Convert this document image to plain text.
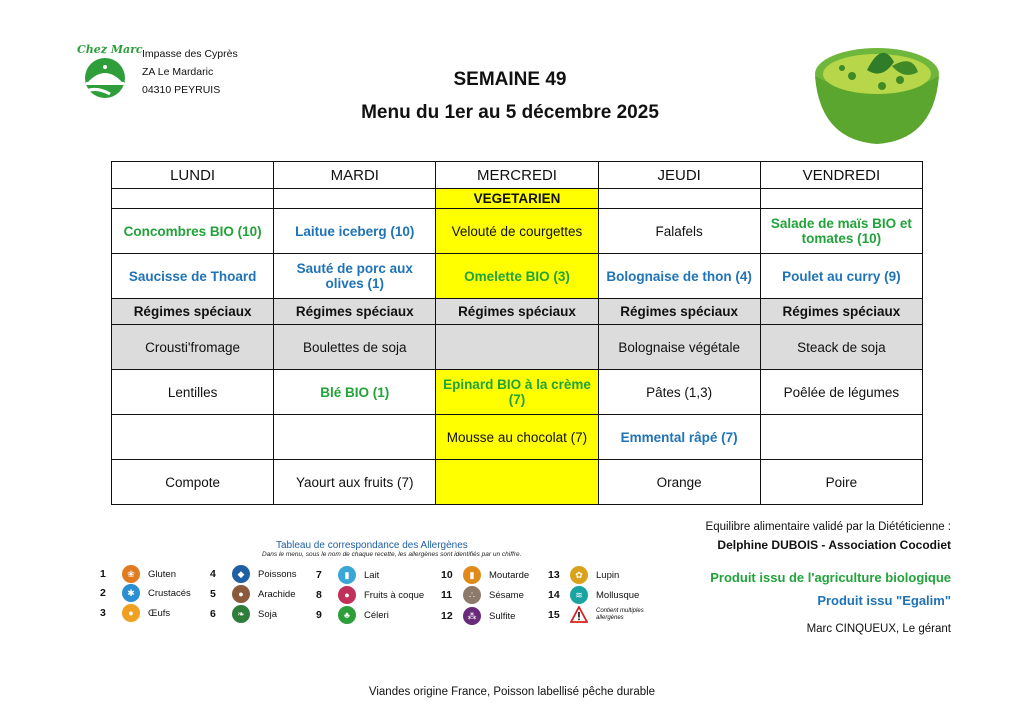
Chez Marc Impasse des Cyprès
ZA Le Mardaric
04310 PEYRUIS	SEMAINE 49
Menu du 1er au 5 décembre 2025
LUNDI	MARDI	MERCREDI	JEUDI	VENDREDI
		VEGETARIEN		
Concombres BIO (10)	Laitue iceberg (10)	Velouté de courgettes	Falafels	Salade de maïs BIO et tomates (10)
Saucisse de Thoard	Sauté de porc aux olives (1)	Omelette BIO (3)	Bolognaise de thon (4)	Poulet au curry (9)
Régimes spéciaux	Régimes spéciaux	Régimes spéciaux	Régimes spéciaux	Régimes spéciaux
Crousti'fromage	Boulettes de soja		Bolognaise végétale	Steack de soja
Lentilles	Blé BIO (1)	Epinard BIO à la crème (7)	Pâtes (1,3)	Poêlée de légumes
		Mousse au chocolat (7)	Emmental râpé (7)	
Compote	Yaourt aux fruits (7)		Orange	Poire
Tableau de correspondance des Allergènes
Dans le menu, sous le nom de chaque recette, les allergènes sont identifiés par un chiffre.
1	❀	Gluten
2	✱	Crustacés
3	●	Œufs
4	◆	Poissons
5	●	Arachide
6	❧	Soja
7	▮	Lait
8	●	Fruits à coque
9	♣	Céleri
10	▮	Moutarde
11	∴	Sésame
12	⁂	Sulfite
13	✿	Lupin
14	≋	Mollusque
15	Contient multiples allergènes
Equilibre alimentaire validé par la Diététicienne :
Delphine DUBOIS - Association Cocodiet
Produit issu de l'agriculture biologique
Produit issu "Egalim"
Marc CINQUEUX, Le gérant
Viandes origine France, Poisson labellisé pêche durable
